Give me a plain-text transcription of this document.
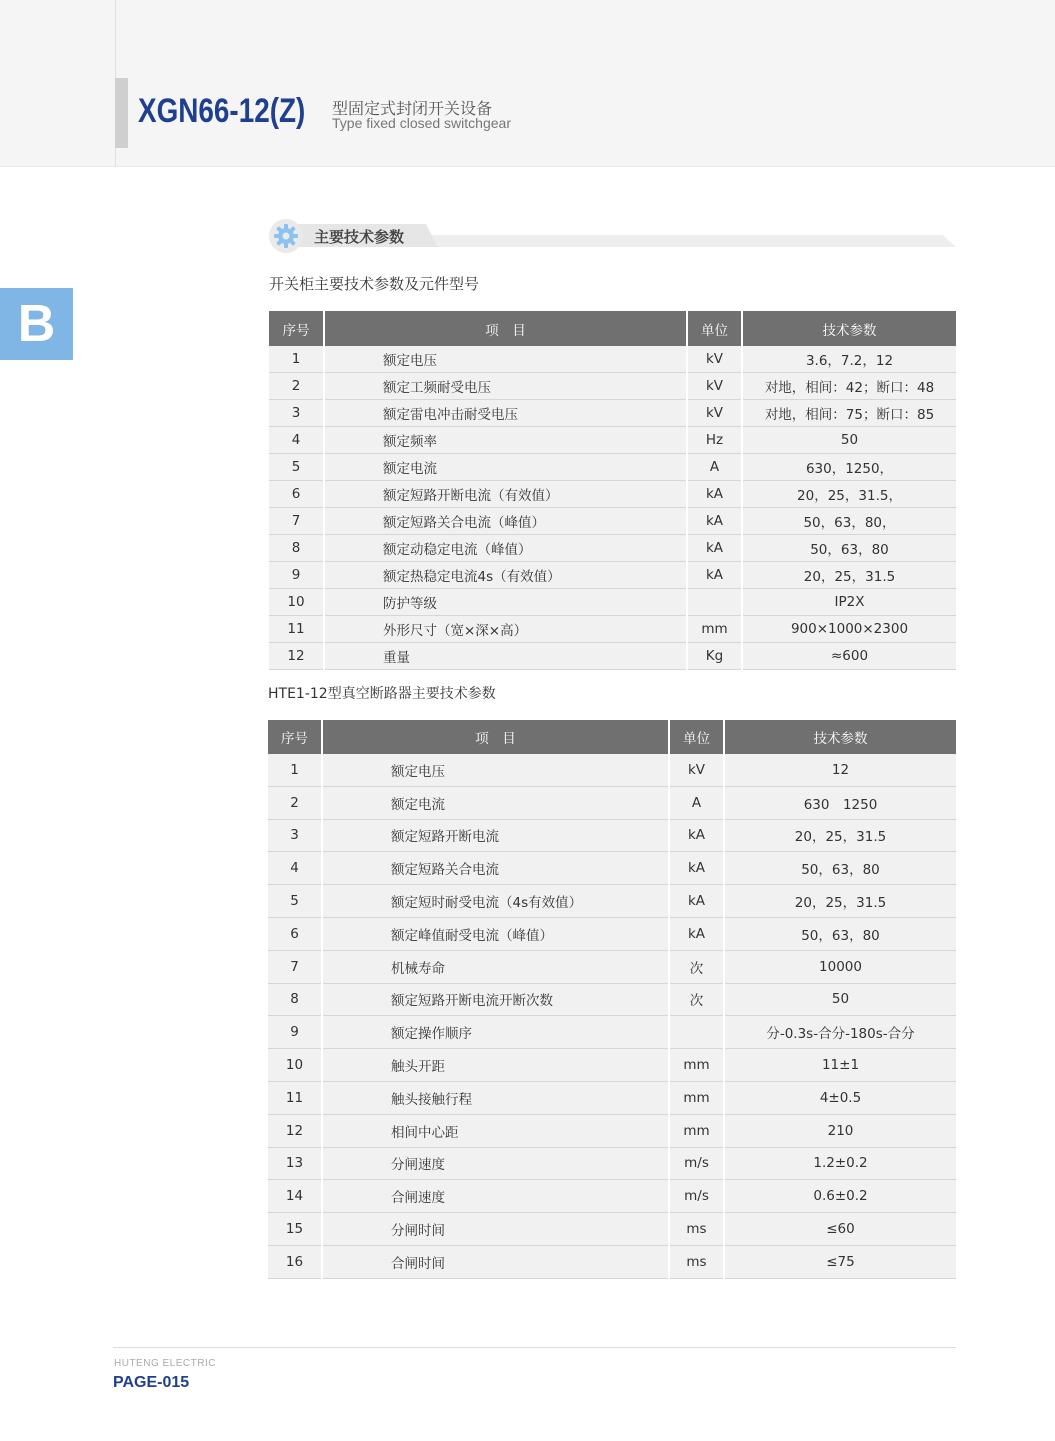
XGN66-12(Z) 型固定式封闭开关设备
Type fixed closed switchgear
B
主要技术参数
开关柜主要技术参数及元件型号
序号	项　目	单位	技术参数
1	额定电压	kV	3.6，7.2，12
2	额定工频耐受电压	kV	对地，相间：42；断口：48
3	额定雷电冲击耐受电压	kV	对地，相间：75；断口：85
4	额定频率	Hz	50
5	额定电流	A	630，1250，
6	额定短路开断电流（有效值）	kA	20，25，31.5，
7	额定短路关合电流（峰值）	kA	50，63，80，
8	额定动稳定电流（峰值）	kA	50，63，80
9	额定热稳定电流4s（有效值）	kA	20，25，31.5
10	防护等级		IP2X
11	外形尺寸（宽×深×高）	mm	900×1000×2300
12	重量	Kg	≈600
HTE1-12型真空断路器主要技术参数
序号	项　目	单位	技术参数
1	额定电压	kV	12
2	额定电流	A	630　1250
3	额定短路开断电流	kA	20，25，31.5
4	额定短路关合电流	kA	50，63，80
5	额定短时耐受电流（4s有效值）	kA	20，25，31.5
6	额定峰值耐受电流（峰值）	kA	50，63，80
7	机械寿命	次	10000
8	额定短路开断电流开断次数	次	50
9	额定操作顺序		分-0.3s-合分-180s-合分
10	触头开距	mm	11±1
11	触头接触行程	mm	4±0.5
12	相间中心距	mm	210
13	分闸速度	m/s	1.2±0.2
14	合闸速度	m/s	0.6±0.2
15	分闸时间	ms	≤60
16	合闸时间	ms	≤75
HUTENG ELECTRIC
PAGE-015
